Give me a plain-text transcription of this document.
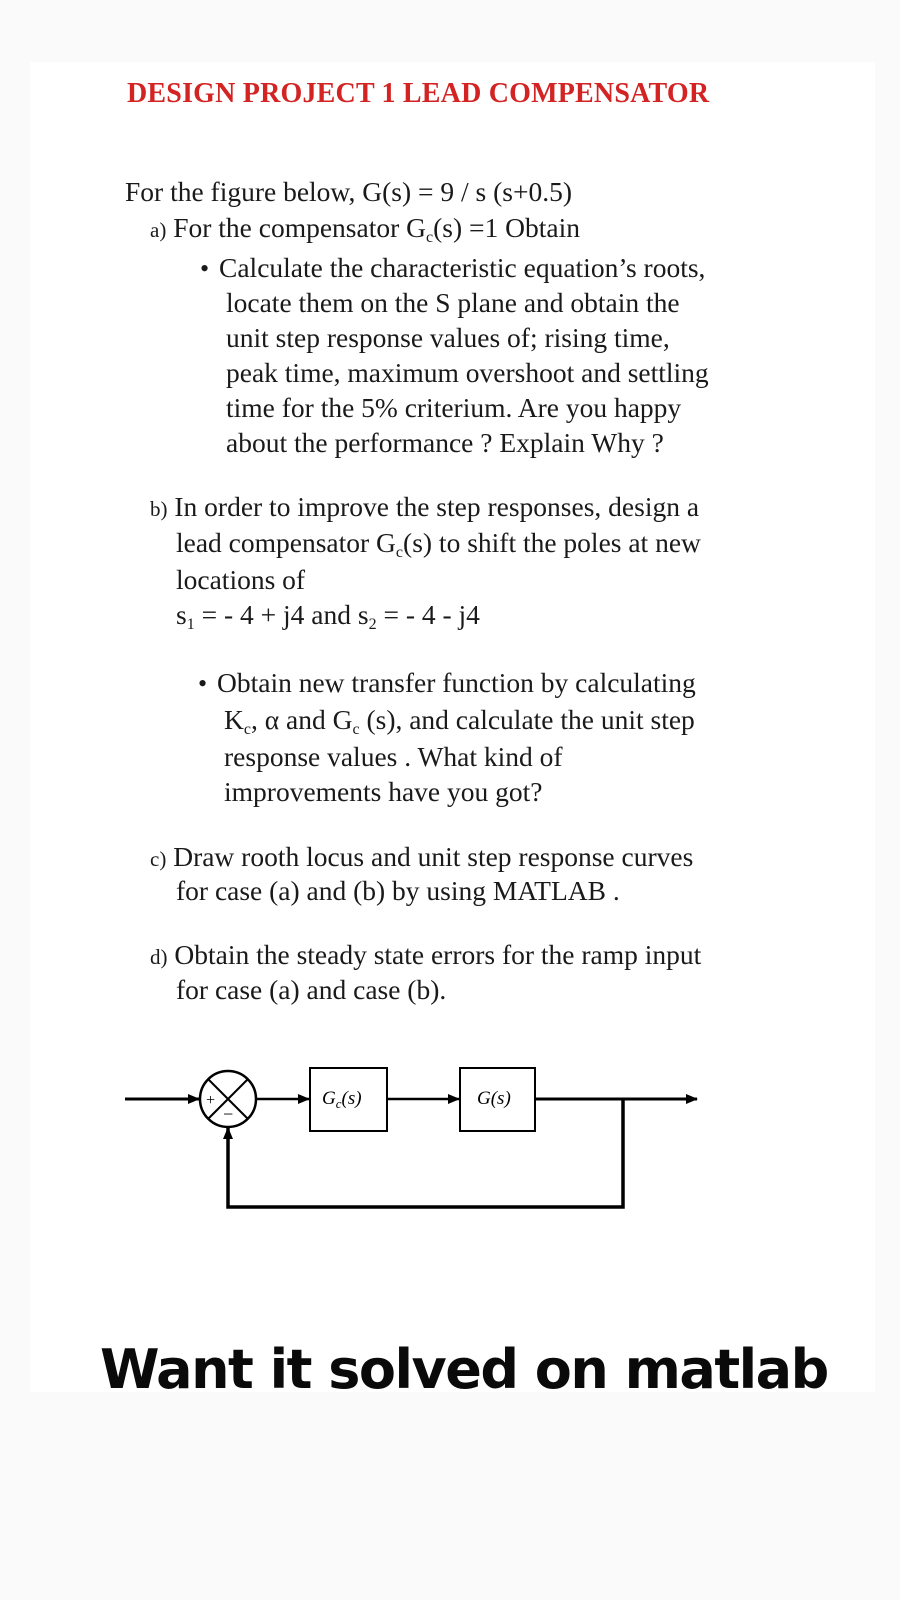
DESIGN PROJECT 1 LEAD COMPENSATOR
For the figure below, G(s) = 9 / s (s+0.5)
a) For the compensator $G_c(s) =1$ Obtain
• Calculate the characteristic equation’s roots,
locate them on the S plane and obtain the
unit step response values of; rising time,
peak time, maximum overshoot and settling
time for the 5% criterium. Are you happy
about the performance ? Explain Why ?
b) In order to improve the step responses, design a
lead compensator $G_c(s)$ to shift the poles at new
locations of
$s_1$ = - 4 + j4 and $s_2$ = - 4 - j4
• Obtain new transfer function by calculating
$K_c$, α and $G_c$ (s), and calculate the unit step
response values . What kind of
improvements have you got?
c) Draw rooth locus and unit step response curves
for case (a) and (b) by using MATLAB .
d) Obtain the steady state errors for the ramp input
for case (a) and case (b).
+
−
$G_c(s)$	G(s)
Want it solved on matlab
